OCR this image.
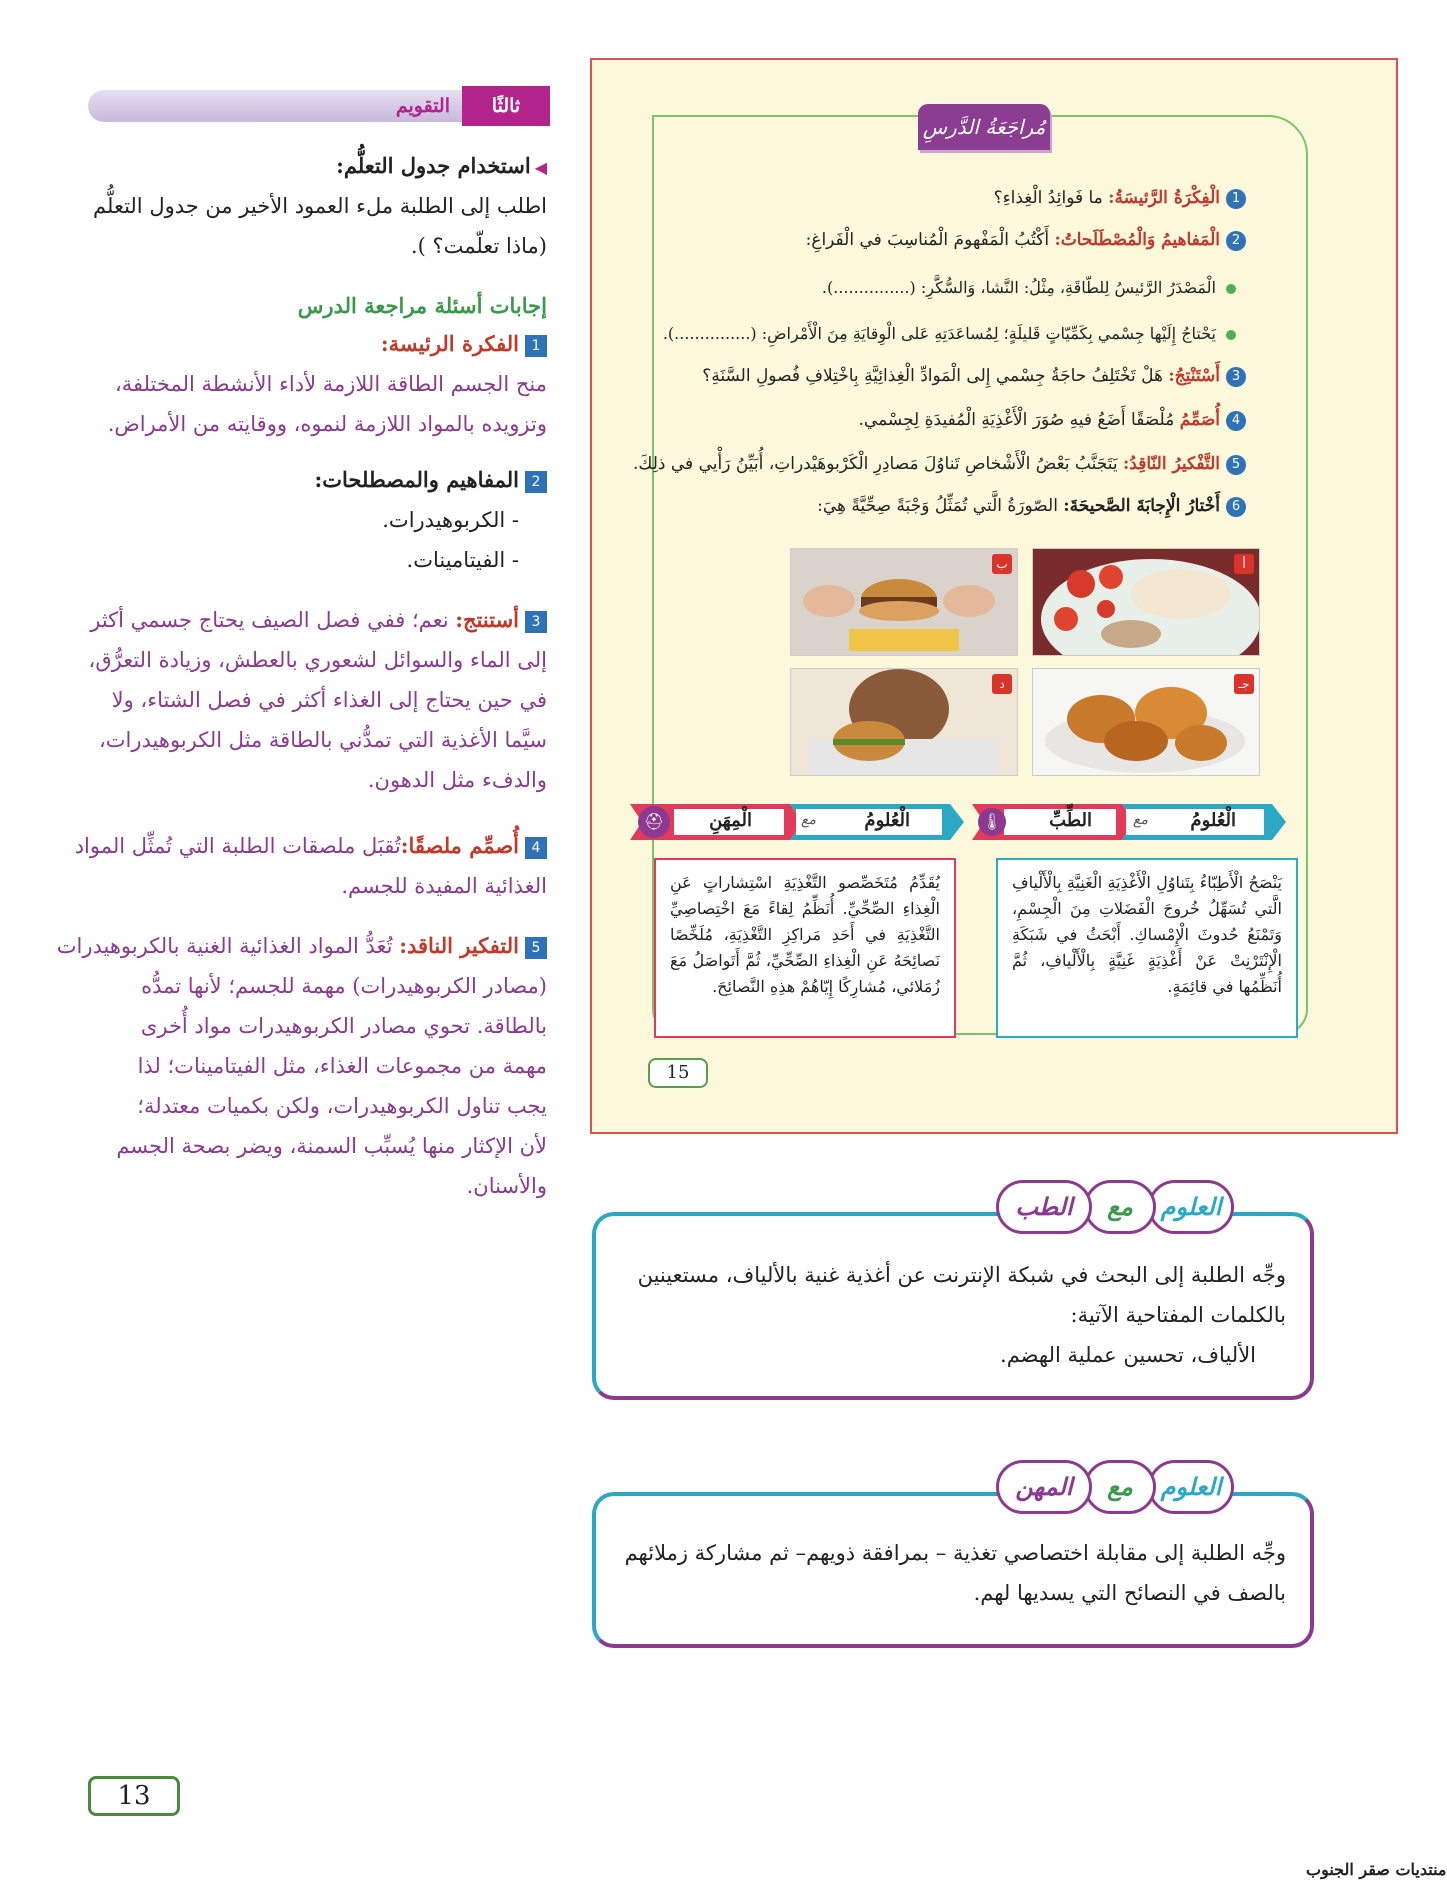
مُراجَعَةُ الدَّرسِ
1الْفِكْرَةُ الرَّئيسَةُ: ما فَوائِدُ الْغِذاءِ؟
2الْمَفاهيمُ وَالْمُصْطَلَحاتُ: أَكْتُبُ الْمَفْهومَ الْمُناسِبَ في الْفَراغِ:
الْمَصْدَرُ الرَّئيسُ لِلطّاقَةِ، مِثْلُ: النَّشا، وَالسُّكَّرِ: (...............).
يَحْتاجُ إِلَيْها جِسْمي بِكَمِّيّاتٍ قَليلَةٍ؛ لِمُساعَدَتِهِ عَلى الْوِقايَةِ مِنَ الْأَمْراضِ: (...............).
3أَسْتَنْتِجُ: هَلْ تَخْتَلِفُ حاجَةُ جِسْمي إِلى الْمَوادِّ الْغِذائِيَّةِ بِاخْتِلافِ فُصولِ السَّنَةِ؟
4أُصَمِّمُ مُلْصَقًا أَضَعُ فيهِ صُوَرَ الْأَغْذِيَةِ الْمُفيدَةِ لِجِسْمي.
5التَّفْكيرُ النّاقِدُ: يَتَجَنَّبُ بَعْضُ الْأَشْخاصِ تَناوُلَ مَصادِرِ الْكَرْبوهَيْدراتِ، أُبَيِّنُ رَأْيي في ذلِكَ.
6أَخْتارُ الْإِجابَةَ الصَّحيحَةَ: الصّورَةُ الَّتي تُمَثِّلُ وَجْبَةً صِحِّيَّةً هِيَ:
أ
ب
جـ
د
الْعُلومُ
مع
الطِّبِّ
🌡
الْعُلومُ
مع
الْمِهَنِ
⛑
يَنْصَحُ الْأَطِبّاءُ بِتَناوُلِ الْأَغْذِيَةِ الْغَنِيَّةِ بِالْأَلْيافِ الَّتي تُسَهِّلُ خُروجَ الْفَضَلاتِ مِنَ الْجِسْمِ، وَتَمْنَعُ حُدوثَ الْإِمْساكِ. أَبْحَثُ في شَبَكَةِ الْإِنْتَرْنِتْ عَنْ أَغْذِيَةٍ غَنِيَّةٍ بِالْأَلْيافِ، ثُمَّ أُنَظِّمُها في قائِمَةٍ.
يُقَدِّمُ مُتَخَصِّصو التَّغْذِيَةِ اسْتِشاراتٍ عَنِ الْغِذاءِ الصِّحِّيِّ. أُنَظِّمُ لِقاءً مَعَ اخْتِصاصِيِّ التَّغْذِيَةِ في أَحَدِ مَراكِزِ التَّغْذِيَةِ، مُلَخِّصًا نَصائِحَهُ عَنِ الْغِذاءِ الصِّحِّيِّ، ثُمَّ أَتَواصَلُ مَعَ زُمَلائي، مُشارِكًا إِيّاهُمْ هذِهِ النَّصائِحَ.
15
ثالثًا
التقويم
◀استخدام جدول التعلُّم:
اطلب إلى الطلبة ملء العمود الأخير من جدول التعلُّم
(ماذا تعلّمت؟ ).
إجابات أسئلة مراجعة الدرس
1الفكرة الرئيسة:
منح الجسم الطاقة اللازمة لأداء الأنشطة المختلفة،
وتزويده بالمواد اللازمة لنموه، ووقايته من الأمراض.
2المفاهيم والمصطلحات:
- الكربوهيدرات.
- الفيتامينات.
3أستنتج: نعم؛ ففي فصل الصيف يحتاج جسمي أكثر
إلى الماء والسوائل لشعوري بالعطش، وزيادة التعرُّق،
في حين يحتاج إلى الغذاء أكثر في فصل الشتاء، ولا
سيَّما الأغذية التي تمدُّني بالطاقة مثل الكربوهيدرات،
والدفء مثل الدهون.
4أُصمِّم ملصقًا:تُقبَل ملصقات الطلبة التي تُمثِّل المواد
الغذائية المفيدة للجسم.
5التفكير الناقد: تُعَدُّ المواد الغذائية الغنية بالكربوهيدرات
(مصادر الكربوهيدرات) مهمة للجسم؛ لأنها تمدُّه
بالطاقة. تحوي مصادر الكربوهيدرات مواد أُخرى
مهمة من مجموعات الغذاء، مثل الفيتامينات؛ لذا
يجب تناول الكربوهيدرات، ولكن بكميات معتدلة؛
لأن الإكثار منها يُسبِّب السمنة، ويضر بصحة الجسم
والأسنان.
وجِّه الطلبة إلى البحث في شبكة الإنترنت عن أغذية غنية بالألياف، مستعينين
بالكلمات المفتاحية الآتية:
الألياف، تحسين عملية الهضم.
العلوم
مع
الطب
وجِّه الطلبة إلى مقابلة اختصاصي تغذية – بمرافقة ذويهم– ثم مشاركة زملائهم
بالصف في النصائح التي يسديها لهم.
العلوم
مع
المهن
13
منتديات صقر الجنوب
